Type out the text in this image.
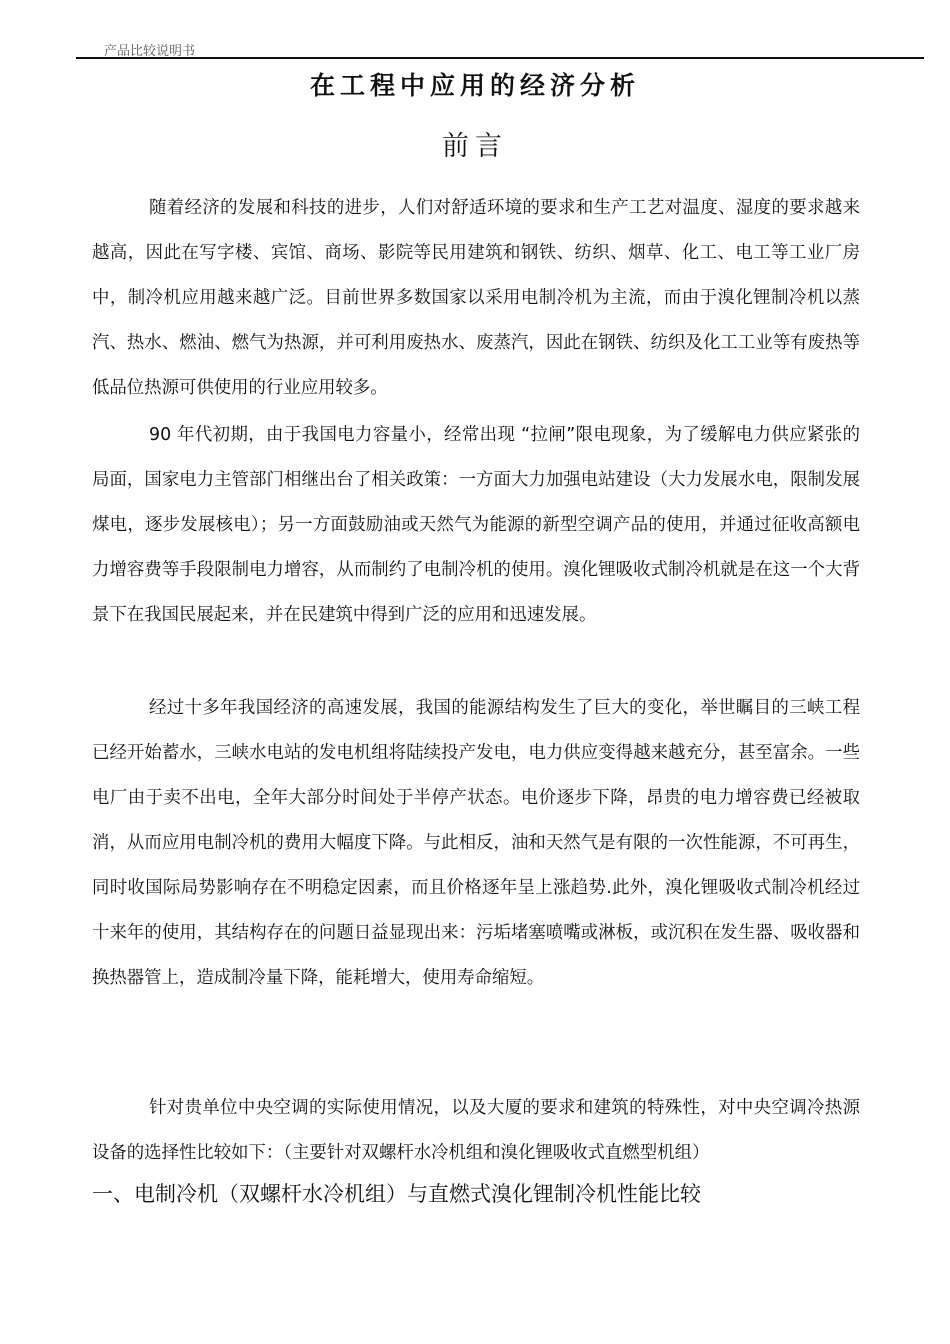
产品比较说明书
在工程中应用的经济分析
前言

随着经济的发展和科技的进步，人们对舒适环境的要求和生产工艺对温度、湿度的要求越来越高，因此在写字楼、宾馆、商场、影院等民用建筑和钢铁、纺织、烟草、化工、电工等工业厂房中，制冷机应用越来越广泛。目前世界多数国家以采用电制冷机为主流，而由于溴化锂制冷机以蒸汽、热水、燃油、燃气为热源，并可利用废热水、废蒸汽，因此在钢铁、纺织及化工工业等有废热等低品位热源可供使用的行业应用较多。

90 年代初期，由于我国电力容量小，经常出现 “拉闸”限电现象，为了缓解电力供应紧张的局面，国家电力主管部门相继出台了相关政策：一方面大力加强电站建设（大力发展水电，限制发展煤电，逐步发展核电）；另一方面鼓励油或天然气为能源的新型空调产品的使用，并通过征收高额电力增容费等手段限制电力增容，从而制约了电制冷机的使用。溴化锂吸收式制冷机就是在这一个大背景下在我国民展起来，并在民建筑中得到广泛的应用和迅速发展。

经过十多年我国经济的高速发展，我国的能源结构发生了巨大的变化，举世瞩目的三峡工程已经开始蓄水，三峡水电站的发电机组将陆续投产发电，电力供应变得越来越充分，甚至富余。一些电厂由于卖不出电，全年大部分时间处于半停产状态。电价逐步下降，昂贵的电力增容费已经被取消，从而应用电制冷机的费用大幅度下降。与此相反，油和天然气是有限的一次性能源，不可再生，同时收国际局势影响存在不明稳定因素，而且价格逐年呈上涨趋势.此外，溴化锂吸收式制冷机经过十来年的使用，其结构存在的问题日益显现出来：污垢堵塞喷嘴或淋板，或沉积在发生器、吸收器和换热器管上，造成制冷量下降，能耗增大，使用寿命缩短。

针对贵单位中央空调的实际使用情况，以及大厦的要求和建筑的特殊性，对中央空调冷热源设备的选择性比较如下：（主要针对双螺杆水冷机组和溴化锂吸收式直燃型机组）

一、电制冷机（双螺杆水冷机组）与直燃式溴化锂制冷机性能比较
